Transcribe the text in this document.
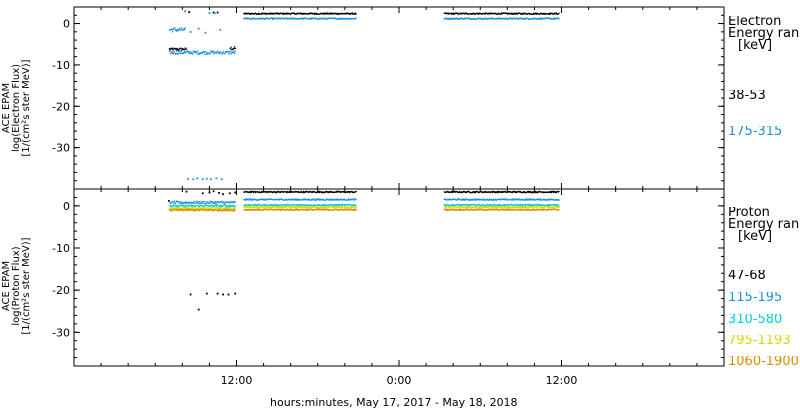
0
-10
-20
-30
0
-10
-20
-30
12:00	0:00	12:00
ACE EPAM log(Electron Flux) [1/(cm²s ster MeV)]
ACE EPAM log(Proton Flux) [1/(cm²s ster MeV)]
Electron
Energy ran
[keV]
38-53
175-315
Proton
Energy ran
[keV]
47-68
115-195
310-580
795-1193
1060-1900
hours:minutes, May 17, 2017 - May 18, 2018
